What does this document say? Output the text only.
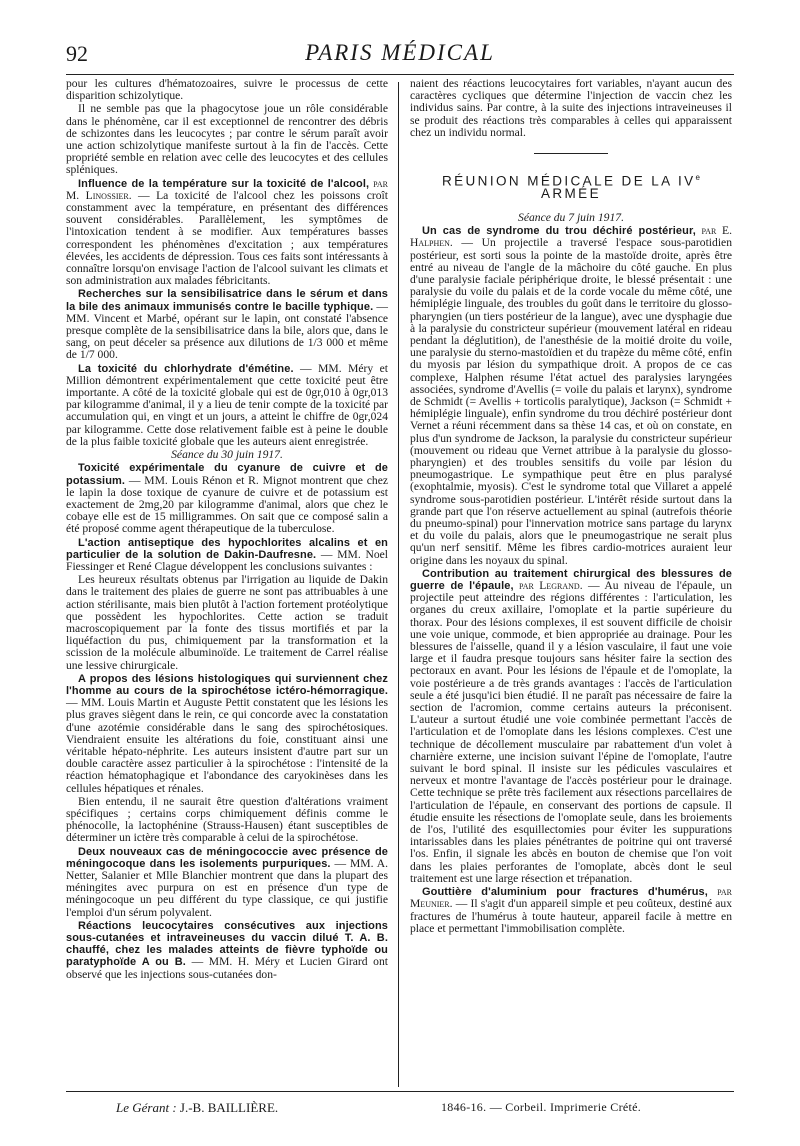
92	PARIS MÉDICAL

pour les cultures d'hématozoaires, suivre le processus de cette disparition schizolytique.

Il ne semble pas que la phagocytose joue un rôle considérable dans le phénomène, car il est exceptionnel de rencontrer des débris de schizontes dans les leucocytes ; par contre le sérum paraît avoir une action schizolytique manifeste surtout à la fin de l'accès. Cette propriété semble en relation avec celle des leucocytes et des cellules spléniques.

Influence de la température sur la toxicité de l'alcool, par M. Linossier. — La toxicité de l'alcool chez les poissons croît constamment avec la température, en présentant des différences souvent considérables. Parallèlement, les symptômes de l'intoxication tendent à se modifier. Aux températures basses correspondent les phénomènes d'excitation ; aux températures élevées, les accidents de dépression. Tous ces faits sont intéressants à connaître lorsqu'on envisage l'action de l'alcool suivant les climats et son administration aux malades fébricitants.

Recherches sur la sensibilisatrice dans le sérum et dans la bile des animaux immunisés contre le bacille typhique. — MM. Vincent et Marbé, opérant sur le lapin, ont constaté l'absence presque complète de la sensibilisatrice dans la bile, alors que, dans le sang, on peut déceler sa présence aux dilutions de 1/3 000 et même de 1/7 000.

La toxicité du chlorhydrate d'émétine. — MM. Méry et Million démontrent expérimentalement que cette toxicité peut être importante. A côté de la toxicité globale qui est de 0gr,010 à 0gr,013 par kilogramme d'animal, il y a lieu de tenir compte de la toxicité par accumulation qui, en vingt et un jours, a atteint le chiffre de 0gr,024 par kilogramme. Cette dose relativement faible est à peine le double de la plus faible toxicité globale que les auteurs aient enregistrée.

Séance du 30 juin 1917.

Toxicité expérimentale du cyanure de cuivre et de potassium. — MM. Louis Rénon et R. Mignot montrent que chez le lapin la dose toxique de cyanure de cuivre et de potassium est exactement de 2mg,20 par kilogramme d'animal, alors que chez le cobaye elle est de 15 milligrammes. On sait que ce composé salin a été proposé comme agent thérapeutique de la tuberculose.

L'action antiseptique des hypochlorites alcalins et en particulier de la solution de Dakin-Daufresne. — MM. Noel Fiessinger et René Clague développent les conclusions suivantes :

Les heureux résultats obtenus par l'irrigation au liquide de Dakin dans le traitement des plaies de guerre ne sont pas attribuables à une action stérilisante, mais bien plutôt à l'action fortement protéolytique que possèdent les hypochlorites. Cette action se traduit macroscopiquement par la fonte des tissus mortifiés et par la liquéfaction du pus, chimiquement par la transformation et la scission de la molécule albuminoïde. Le traitement de Carrel réalise une lessive chirurgicale.

A propos des lésions histologiques qui surviennent chez l'homme au cours de la spirochétose ictéro-hémorragique. — MM. Louis Martin et Auguste Pettit constatent que les lésions les plus graves siègent dans le rein, ce qui concorde avec la constatation d'une azotémie considérable dans le sang des spirochétosiques. Viendraient ensuite les altérations du foie, constituant ainsi une véritable hépato-néphrite. Les auteurs insistent d'autre part sur un double caractère assez particulier à la spirochétose : l'intensité de la réaction hématophagique et l'abondance des caryokinèses dans les cellules hépatiques et rénales.

Bien entendu, il ne saurait être question d'altérations vraiment spécifiques ; certains corps chimiquement définis comme le phénocolle, la lactophénine (Strauss-Hausen) étant susceptibles de déterminer un ictère très comparable à celui de la spirochétose.

Deux nouveaux cas de méningococcie avec présence de méningocoque dans les isolements purpuriques. — MM. A. Netter, Salanier et Mlle Blanchier montrent que dans la plupart des méningites avec purpura on est en présence d'un type de méningocoque un peu différent du type classique, ce qui justifie l'emploi d'un sérum polyvalent.

Réactions leucocytaires consécutives aux injections sous-cutanées et intraveineuses du vaccin dilué T. A. B. chauffé, chez les malades atteints de fièvre typhoïde ou paratyphoïde A ou B. — MM. H. Méry et Lucien Girard ont observé que les injections sous-cutanées don-

naient des réactions leucocytaires fort variables, n'ayant aucun des caractères cycliques que détermine l'injection de vaccin chez les individus sains. Par contre, à la suite des injections intraveineuses il se produit des réactions très comparables à celles qui apparaissent chez un individu normal.

RÉUNION MÉDICALE DE LA IVe ARMÉE

Séance du 7 juin 1917.

Un cas de syndrome du trou déchiré postérieur, par E. Halphen. — Un projectile a traversé l'espace sous-parotidien postérieur, est sorti sous la pointe de la mastoïde droite, après être entré au niveau de l'angle de la mâchoire du côté gauche. En plus d'une paralysie faciale périphérique droite, le blessé présentait : une paralysie du voile du palais et de la corde vocale du même côté, une hémiplégie linguale, des troubles du goût dans le territoire du glosso-pharyngien (un tiers postérieur de la langue), avec une dysphagie due à la paralysie du constricteur supérieur (mouvement latéral en rideau pendant la déglutition), de l'anesthésie de la moitié droite du voile, une paralysie du sterno-mastoïdien et du trapèze du même côté, enfin du myosis par lésion du sympathique droit. A propos de ce cas complexe, Halphen résume l'état actuel des paralysies laryngées associées, syndrome d'Avellis (= voile du palais et larynx), syndrome de Schmidt (= Avellis + torticolis paralytique), Jackson (= Schmidt + hémiplégie linguale), enfin syndrome du trou déchiré postérieur dont Vernet a réuni récemment dans sa thèse 14 cas, et où on constate, en plus d'un syndrome de Jackson, la paralysie du constricteur supérieur (mouvement ou rideau que Vernet attribue à la paralysie du glosso-pharyngien) et des troubles sensitifs du voile par lésion du pneumogastrique. Le sympathique peut être en plus paralysé (exophtalmie, myosis). C'est le syndrome total que Villaret a appelé syndrome sous-parotidien postérieur. L'intérêt réside surtout dans la grande part que l'on réserve actuellement au spinal (autrefois théorie du pneumo-spinal) pour l'innervation motrice sans partage du larynx et du voile du palais, alors que le pneumogastrique ne serait plus qu'un nerf sensitif. Même les fibres cardio-motrices auraient leur origine dans les noyaux du spinal.

Contribution au traitement chirurgical des blessures de guerre de l'épaule, par Legrand. — Au niveau de l'épaule, un projectile peut atteindre des régions différentes : l'articulation, les organes du creux axillaire, l'omoplate et la partie supérieure du thorax. Pour des lésions complexes, il est souvent difficile de choisir une voie unique, commode, et bien appropriée au drainage. Pour les blessures de l'aisselle, quand il y a lésion vasculaire, il faut une voie large et il faudra presque toujours sans hésiter faire la section des pectoraux en avant. Pour les lésions de l'épaule et de l'omoplate, la voie postérieure a de très grands avantages : l'accès de l'articulation seule a été jusqu'ici bien étudié. Il ne paraît pas nécessaire de faire la section de l'acromion, comme certains auteurs la préconisent. L'auteur a surtout étudié une voie combinée permettant l'accès de l'articulation et de l'omoplate dans les lésions complexes. C'est une technique de décollement musculaire par rabattement d'un volet à charnière externe, une incision suivant l'épine de l'omoplate, l'autre suivant le bord spinal. Il insiste sur les pédicules vasculaires et nerveux et montre l'avantage de l'accès postérieur pour le drainage. Cette technique se prête très facilement aux résections parcellaires de l'articulation de l'épaule, en conservant des portions de capsule. Il étudie ensuite les résections de l'omoplate seule, dans les broiements de l'os, l'utilité des esquillectomies pour éviter les suppurations intarissables dans les plaies pénétrantes de poitrine qui ont traversé l'os. Enfin, il signale les abcès en bouton de chemise que l'on voit dans les plaies perforantes de l'omoplate, abcès dont le seul traitement est une large résection et trépanation.

Gouttière d'aluminium pour fractures d'humérus, par Meunier. — Il s'agit d'un appareil simple et peu coûteux, destiné aux fractures de l'humérus à toute hauteur, appareil facile à mettre en place et permettant l'immobilisation complète.

Le Gérant : J.-B. BAILLIÈRE.	1846-16. — Corbeil. Imprimerie Crété.
